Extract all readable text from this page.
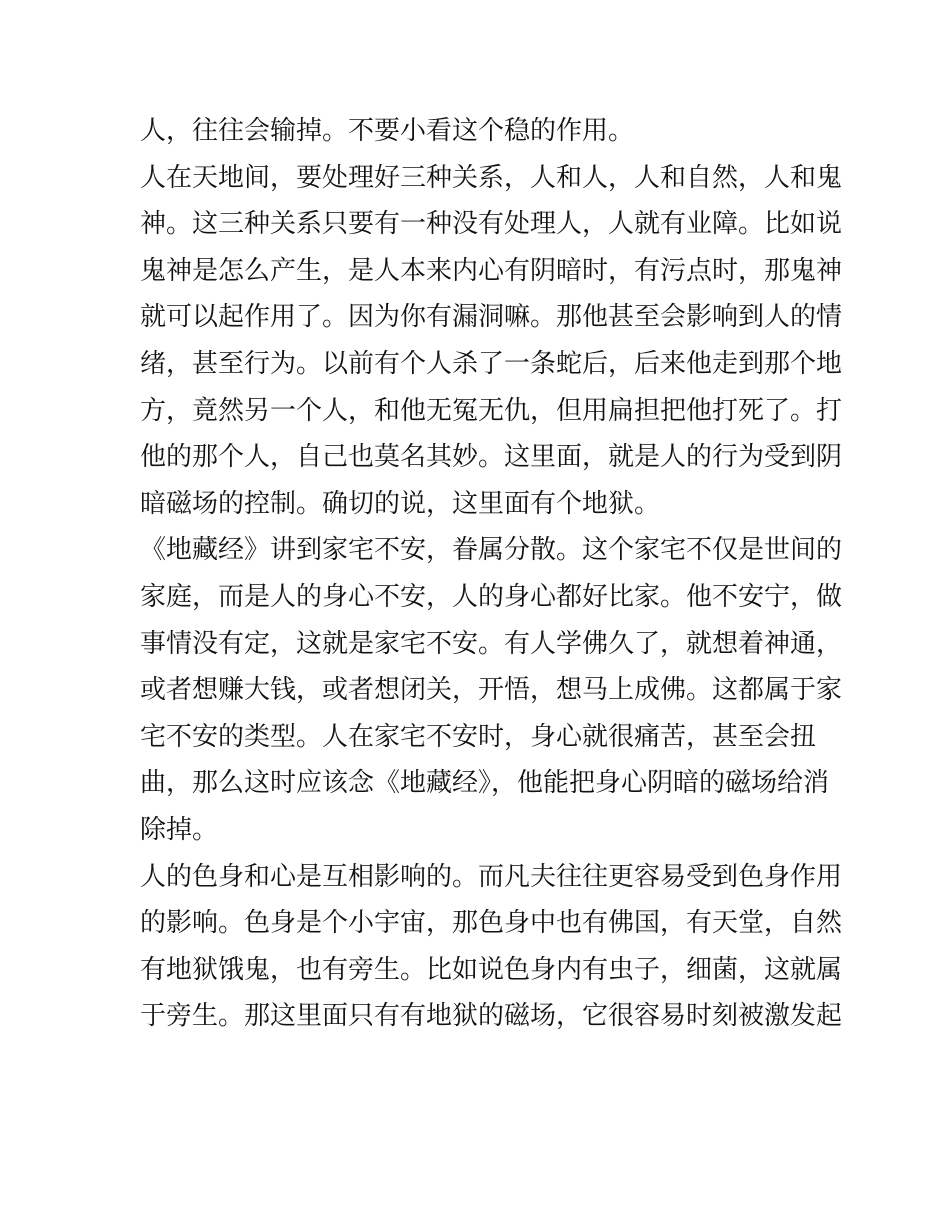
人，往往会输掉。不要小看这个稳的作用。
人在天地间，要处理好三种关系，人和人，人和自然，人和鬼
神。这三种关系只要有一种没有处理人，人就有业障。比如说
鬼神是怎么产生，是人本来内心有阴暗时，有污点时，那鬼神
就可以起作用了。因为你有漏洞嘛。那他甚至会影响到人的情
绪，甚至行为。以前有个人杀了一条蛇后，后来他走到那个地
方，竟然另一个人，和他无冤无仇，但用扁担把他打死了。打
他的那个人，自己也莫名其妙。这里面，就是人的行为受到阴
暗磁场的控制。确切的说，这里面有个地狱。
《地藏经》讲到家宅不安，眷属分散。这个家宅不仅是世间的
家庭，而是人的身心不安，人的身心都好比家。他不安宁，做
事情没有定，这就是家宅不安。有人学佛久了，就想着神通，
或者想赚大钱，或者想闭关，开悟，想马上成佛。这都属于家
宅不安的类型。人在家宅不安时，身心就很痛苦，甚至会扭
曲，那么这时应该念《地藏经》，他能把身心阴暗的磁场给消
除掉。
人的色身和心是互相影响的。而凡夫往往更容易受到色身作用
的影响。色身是个小宇宙，那色身中也有佛国，有天堂，自然
有地狱饿鬼，也有旁生。比如说色身内有虫子，细菌，这就属
于旁生。那这里面只有有地狱的磁场，它很容易时刻被激发起
